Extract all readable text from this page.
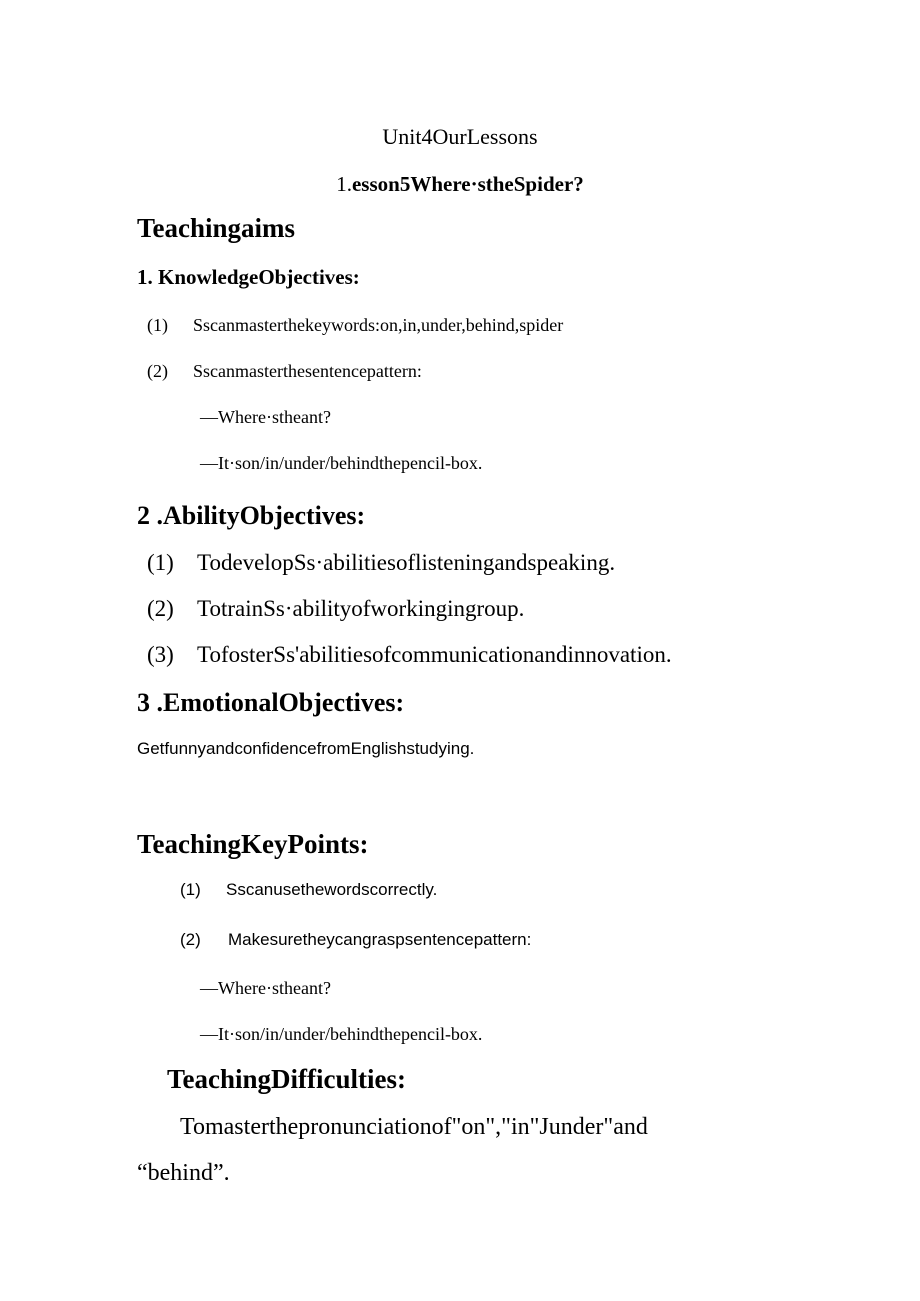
Unit4OurLessons
1.esson5Where·stheSpider?
Teachingaims
1. KnowledgeObjectives:
(1) Sscanmasterthekeywords:on,in,under,behind,spider
(2) Sscanmasterthesentencepattern:
—Where·stheant?
—It·son/in/under/behindthepencil-box.
2 .AbilityObjectives:
(1) TodevelopSs·abilitiesoflisteningandspeaking.
(2) TotrainSs·abilityofworkingingroup.
(3) TofosterSs'abilitiesofcommunicationandinnovation.
3 .EmotionalObjectives:
GetfunnyandconfidencefromEnglishstudying.
TeachingKeyPoints:
(1) Sscanusethewordscorrectly.
(2) Makesuretheycangraspsentencepattern:
—Where·stheant?
—It·son/in/under/behindthepencil-box.
TeachingDifficulties:
Tomasterthepronunciationof"on","in"Junder"and
“behind”.
